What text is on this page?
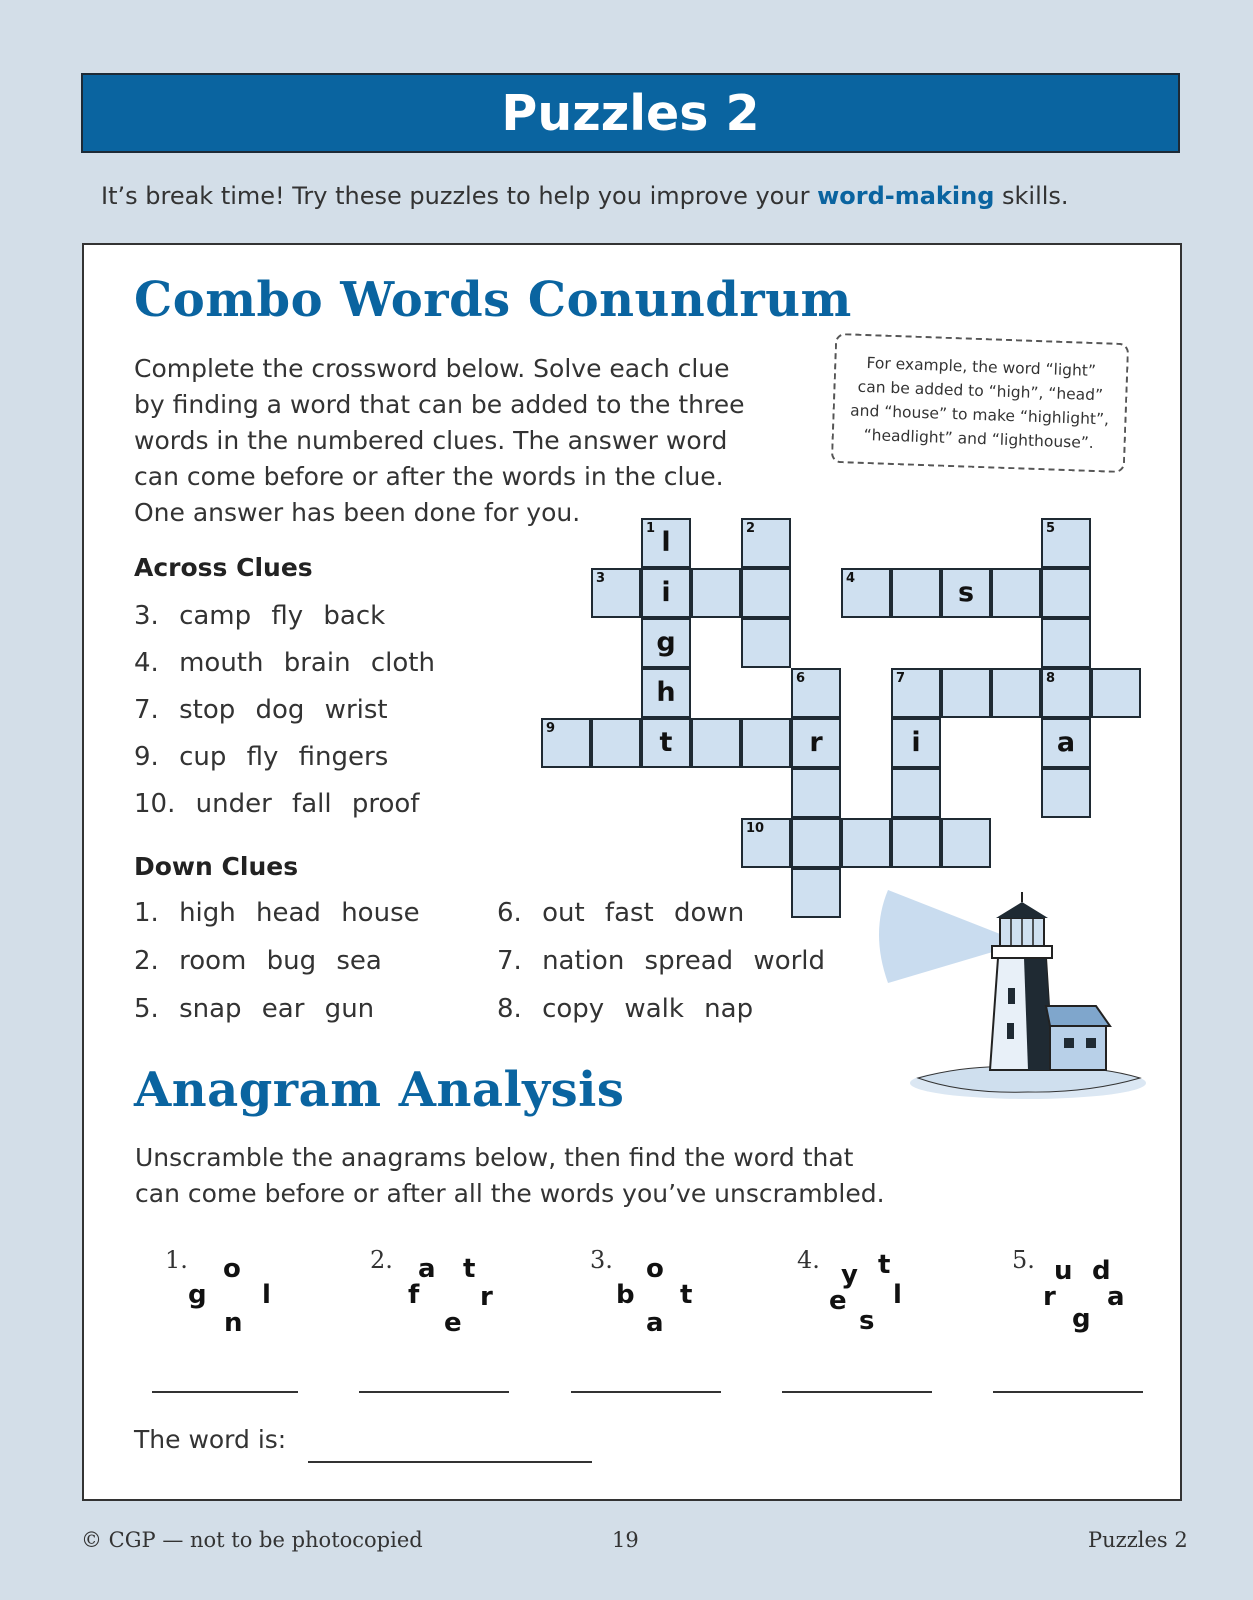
Puzzles 2
It’s break time! Try these puzzles to help you improve your word-making skills.
Combo Words Conundrum
Complete the crossword below. Solve each clue
by finding a word that can be added to the three
words in the numbered clues. The answer word
can come before or after the words in the clue.
One answer has been done for you.
For example, the word “light”
can be added to “high”, “head”
and “house” to make “highlight”,
“headlight” and “lighthouse”.
Across Clues
3. camp fly back
4. mouth brain cloth
7. stop dog wrist
9. cup fly fingers
10. under fall proof
Down Clues
1. high head house
2. room bug sea
5. snap ear gun
6. out fast down
7. nation spread world
8. copy walk nap
1 l	2	5
3	i	4	s
g
h	6	7	8
9	t	r	i	a
10
Anagram Analysis
Unscramble the anagrams below, then find the word that
can come before or after all the words you’ve unscrambled.
1. o
g l
n
2. a t
f r
e
3. o
b t
a
4. y t
e l
s
5. u d
r a
g
The word is:
© CGP — not to be photocopied	19	Puzzles 2
